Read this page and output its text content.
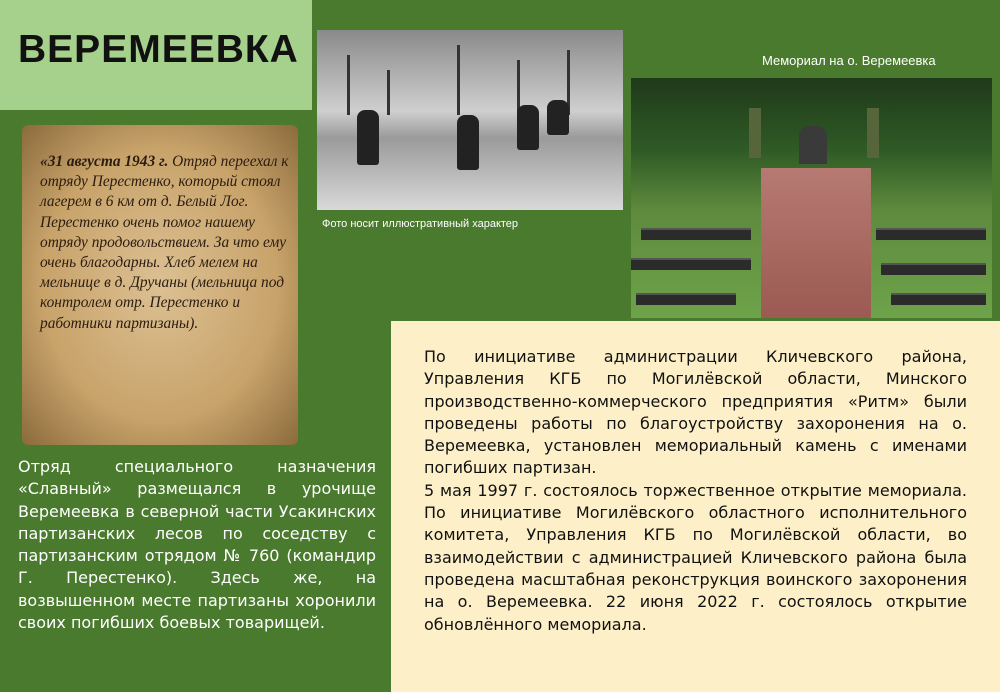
ВЕРЕМЕЕВКА
Фото носит иллюстративный характер
Мемориал на о. Веремеевка
«31 августа 1943 г. Отряд переехал к отряду Перестенко, который стоял лагерем в 6 км от д. Белый Лог. Перестенко очень помог нашему отряду продовольствием. За что ему очень благодарны. Хлеб мелем на мельнице в д. Дручаны (мельница под контролем отр. Перестенко и работники партизаны).

Отряд специального назначения «Славный» размещался в урочище Веремеевка в северной части Усакинских партизанских лесов по соседству с партизанским отрядом № 760 (командир Г. Перестенко). Здесь же, на возвышенном месте партизаны хоронили своих погибших боевых товарищей.

По инициативе администрации Кличевского района, Управления КГБ по Могилёвской области, Минского производственно-коммерческого предприятия «Ритм» были проведены работы по благоустройству захоронения на о. Веремеевка, установлен мемориальный камень с именами погибших партизан.

5 мая 1997 г. состоялось торжественное открытие мемориала. По инициативе Могилёвского областного исполнительного комитета, Управления КГБ по Могилёвской области, во взаимодействии с администрацией Кличевского района была проведена масштабная реконструкция воинского захоронения на о. Веремеевка. 22 июня 2022 г. состоялось открытие обновлённого мемориала.
